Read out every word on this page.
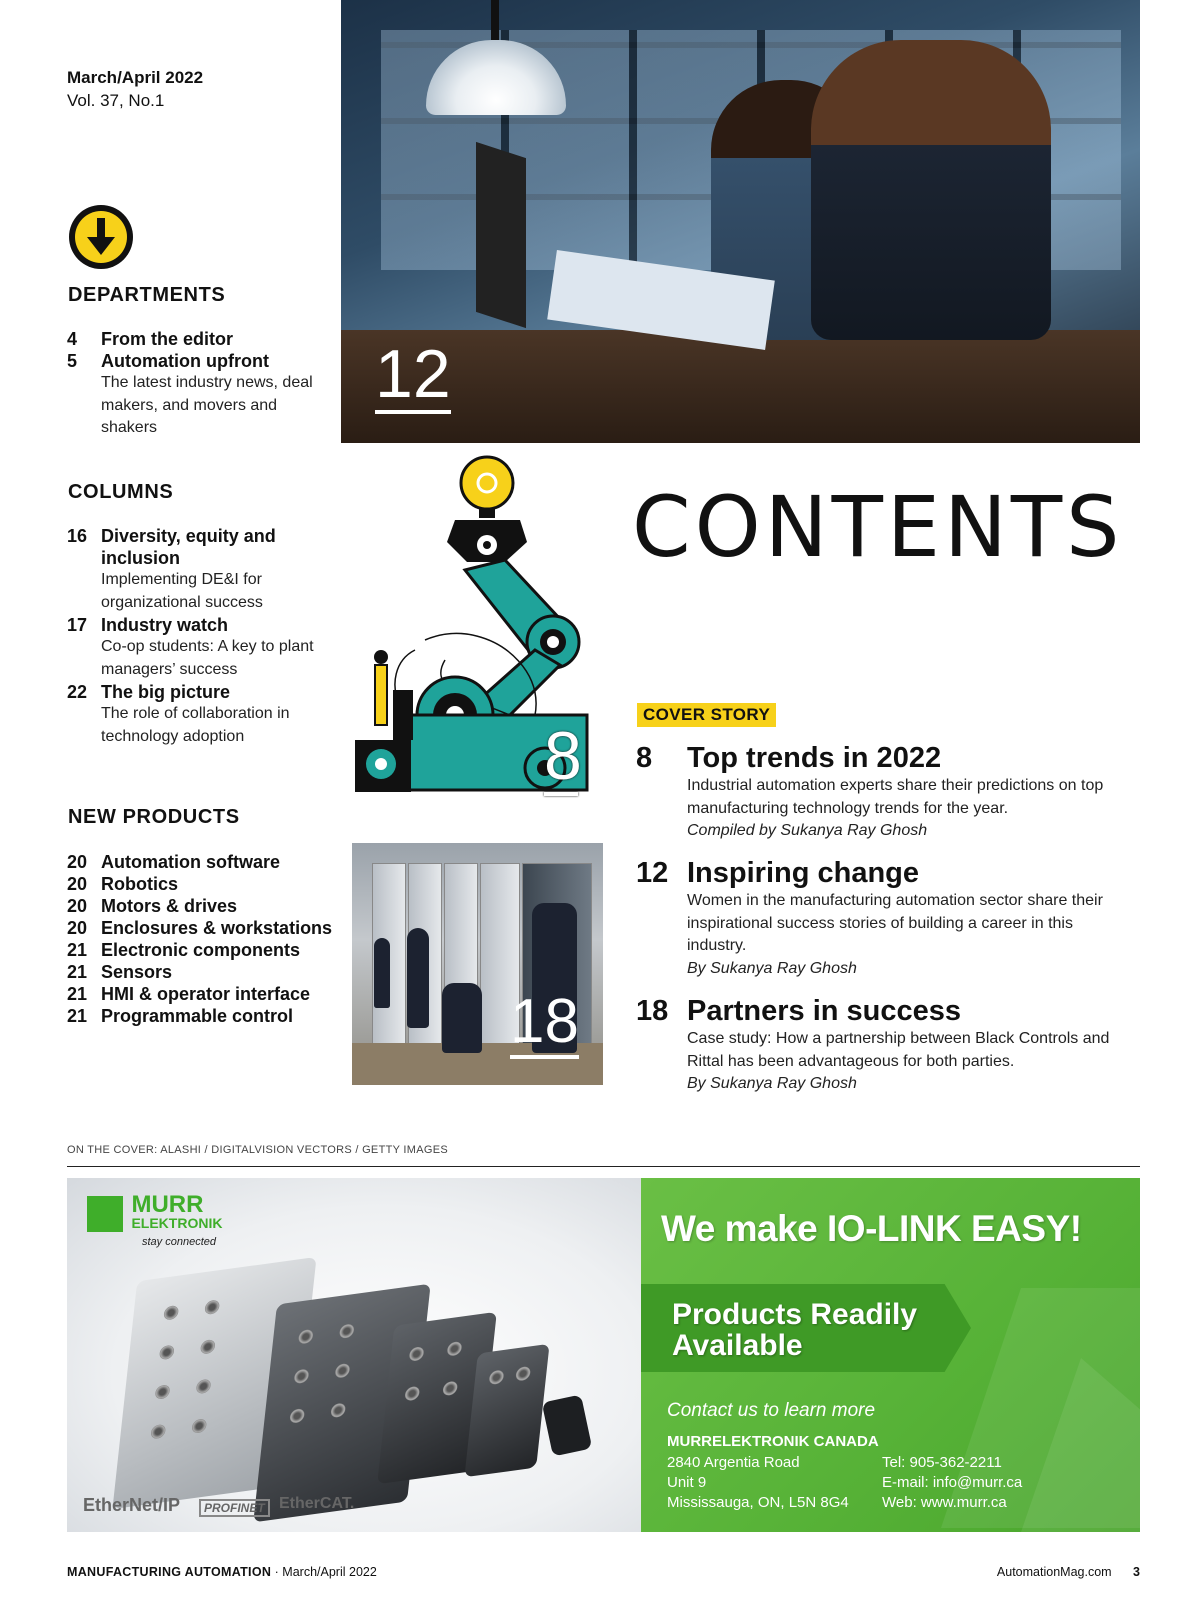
March/April 2022
Vol. 37, No.1
DEPARTMENTS
4	From the editor
5	Automation upfront
The latest industry news, deal makers, and movers and shakers
COLUMNS
16 Diversity, equity and inclusion
Implementing DE&I for organizational success
17 Industry watch
Co-op students: A key to plant managers’ success
22 The big picture
The role of collaboration in technology adoption
NEW PRODUCTS
20 Automation software
20 Robotics
20 Motors & drives
20 Enclosures & workstations
21 Electronic components
21 Sensors
21 HMI & operator interface
21 Programmable control
12
CONTENTS
8
18
COVER STORY
8	Top trends in 2022
Industrial automation experts share their predictions on top manufacturing technology trends for the year.
Compiled by Sukanya Ray Ghosh
12 Inspiring change
Women in the manufacturing automation sector share their inspirational success stories of building a career in this industry.
By Sukanya Ray Ghosh
18 Partners in success
Case study: How a partnership between Black Controls and Rittal has been advantageous for both parties.
By Sukanya Ray Ghosh
ON THE COVER: ALASHI / DIGITALVISION VECTORS / GETTY IMAGES

MURR
ELEKTRONIK
stay connected
EtherNet/IP	PROFINET EtherCAT.
We make IO-LINK EASY!
Products Readily Available
Contact us to learn more
MURRELEKTRONIK CANADA
2840 Argentia Road
Unit 9
Mississauga, ON, L5N 8G4
Tel: 905-362-2211
E-mail: info@murr.ca
Web: www.murr.ca
MANUFACTURING AUTOMATION · March/April 2022	AutomationMag.com 3
